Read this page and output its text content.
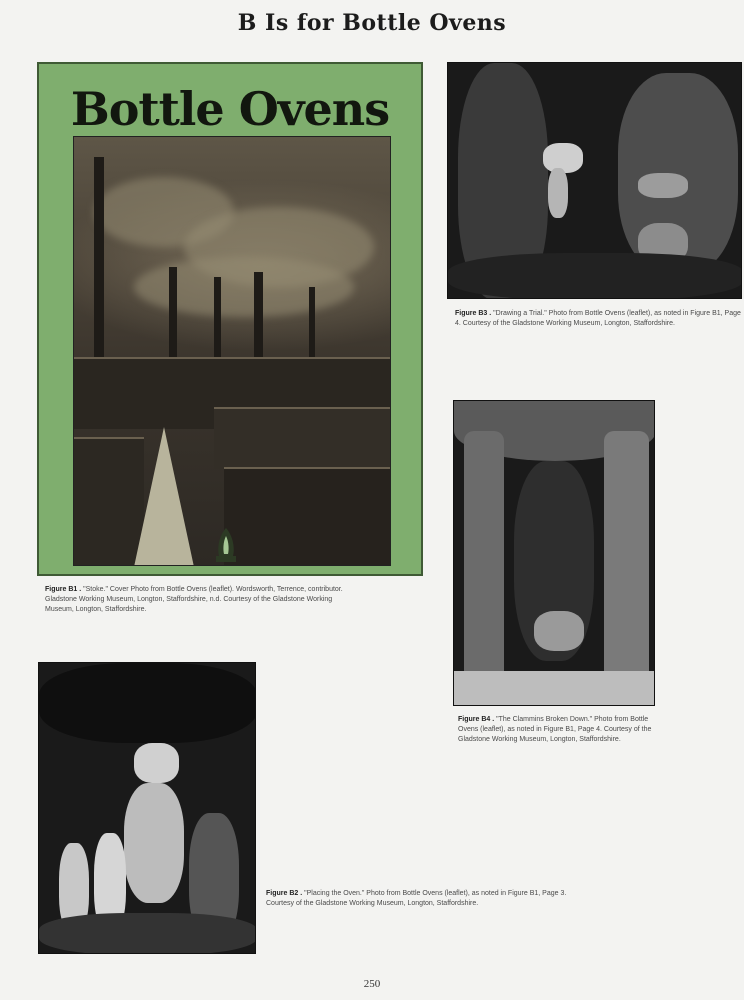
B Is for Bottle Ovens
Bottle Ovens
Figure B1 . "Stoke." Cover Photo from Bottle Ovens (leaflet). Wordsworth, Terrence, contributor. Gladstone Working Museum, Longton, Staffordshire, n.d. Courtesy of the Gladstone Working Museum, Longton, Staffordshire.
Figure B3 . "Drawing a Trial." Photo from Bottle Ovens (leaflet), as noted in Figure B1, Page 4. Courtesy of the Gladstone Working Museum, Longton, Staffordshire.
Figure B4 . "The Clammins Broken Down." Photo from Bottle Ovens (leaflet), as noted in Figure B1, Page 4. Courtesy of the Gladstone Working Museum, Longton, Staffordshire.
Figure B2 . "Placing the Oven." Photo from Bottle Ovens (leaflet), as noted in Figure B1, Page 3. Courtesy of the Gladstone Working Museum, Longton, Staffordshire.
250
